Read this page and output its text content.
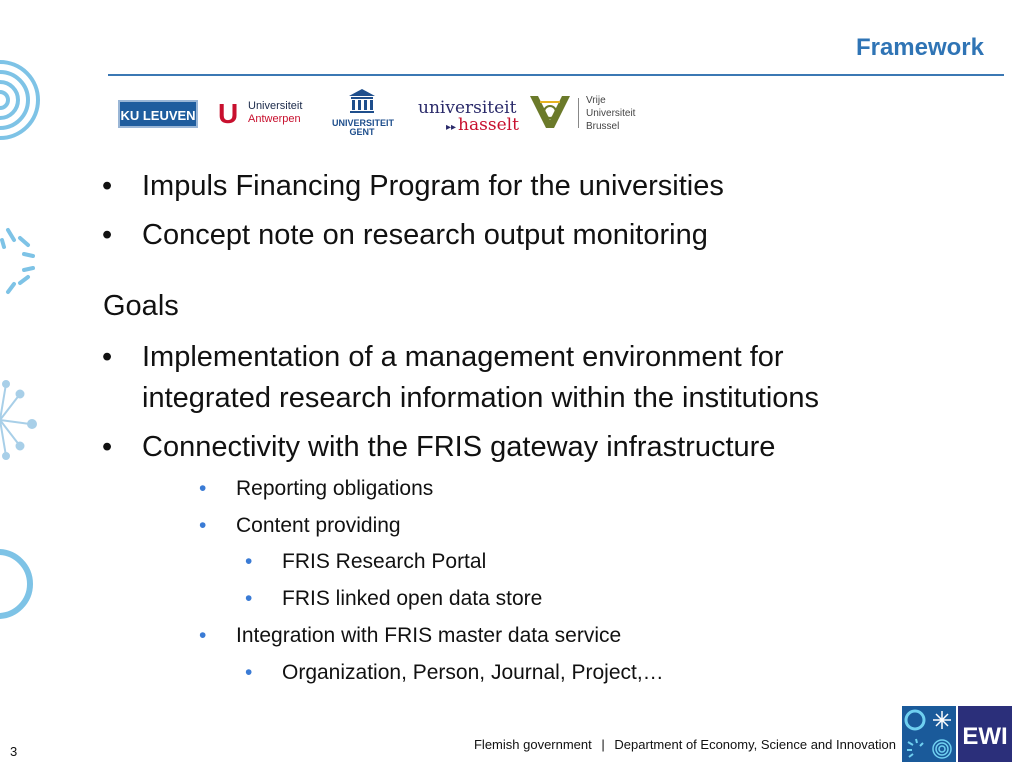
Framework
KU LEUVEN U Universiteit
Antwerpen	UNIVERSITEIT
GENT
universiteit
▸▸ hasselt
Vrije
Universiteit
Brussel
• Impuls Financing Program for the universities
• Concept note on research output monitoring
Goals
• Implementation of a management environment for
integrated research information within the institutions
• Connectivity with the FRIS gateway infrastructure
• Reporting obligations
• Content providing
• FRIS Research Portal
• FRIS linked open data store
• Integration with FRIS master data service
• Organization, Person, Journal, Project,…
3	Flemish government | Department of Economy, Science and Innovation	EWI
